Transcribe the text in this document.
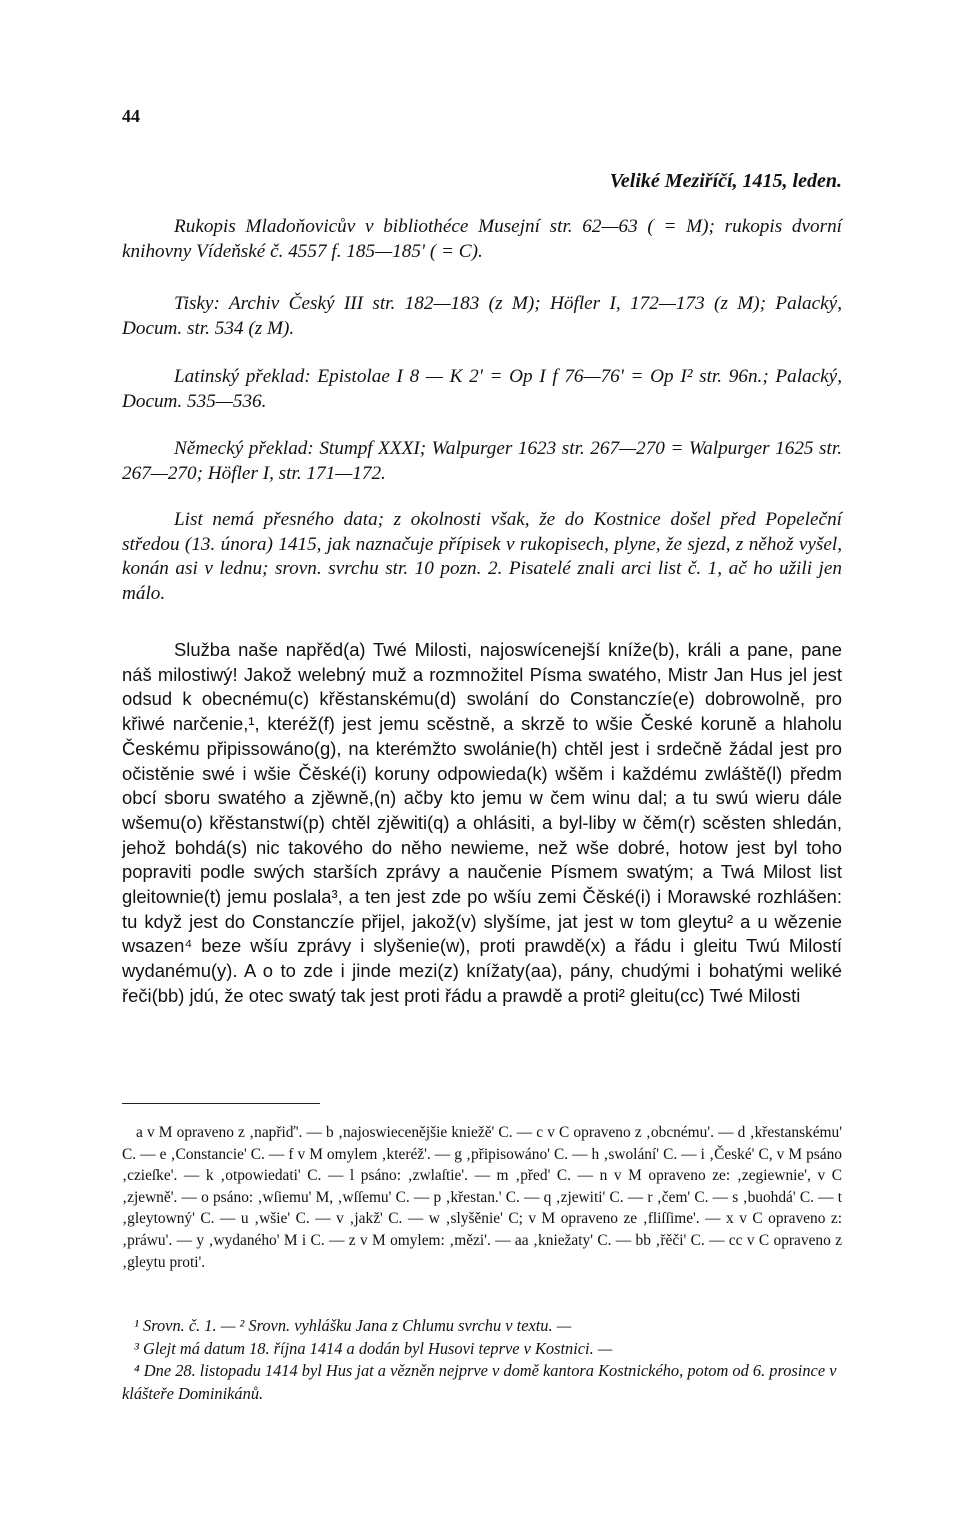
44
Veliké Meziříčí, 1415, leden.

Rukopis Mladoňovicův v bibliothéce Musejní str. 62—63 ( = M); rukopis dvorní knihovny Vídeňské č. 4557 f. 185—185' ( = C).

Tisky: Archiv Český III str. 182—183 (z M); Höfler I, 172—173 (z M); Palacký, Docum. str. 534 (z M).

Latinský překlad: Epistolae I 8 — K 2' = Op I f 76—76' = Op I² str. 96n.; Palacký, Docum. 535—536.

Německý překlad: Stumpf XXXI; Walpurger 1623 str. 267—270 = Walpurger 1625 str. 267—270; Höfler I, str. 171—172.

List nemá přesného data; z okolnosti však, že do Kostnice došel před Popeleční středou (13. února) 1415, jak naznačuje přípisek v rukopisech, plyne, že sjezd, z něhož vyšel, konán asi v lednu; srovn. svrchu str. 10 pozn. 2. Pisatelé znali arci list č. 1, ač ho užili jen málo.

Služba naše napřěd(a) Twé Milosti, najoswícenejší kníže(b), králi a pane, pane náš milostiwý! Jakož welebný muž a rozmnožitel Písma swatého, Mistr Jan Hus jel jest odsud k obecnému(c) křěstanskému(d) swolání do Constanczíe(e) dobrowolně, pro křiwé narčenie,¹, kteréž(f) jest jemu scěstně, a skrzě to wšie České koruně a hlaholu Českému připissowáno(g), na kterémžto swolánie(h) chtěl jest i srdečně žádal jest pro očistěnie swé i wšie Čěské(i) koruny odpowieda(k) wšěm i každému zwláště(l) předm obcí sboru swatého a zjěwně,(n) ačby kto jemu w čem winu dal; a tu swú wieru dále wšemu(o) křěstanstwí(p) chtěl zjěwiti(q) a ohlásiti, a byl-liby w čěm(r) scěsten shledán, jehož bohdá(s) nic takového do něho newieme, než wše dobré, hotow jest byl toho popraviti podle swých starších zprávy a naučenie Písmem swatým; a Twá Milost list gleitownie(t) jemu poslala³, a ten jest zde po wšíu zemi Čěské(i) i Morawské rozhlášen: tu když jest do Constanczíe přijel, jakož(v) slyšíme, jat jest w tom gleytu² a u wězenie wsazen⁴ beze wšíu zprávy i slyšenie(w), proti prawdě(x) a řádu i gleitu Twú Milostí wydanému(y). A o to zde i jinde mezi(z) knížaty(aa), pány, chudými i bohatými weliké řeči(bb) jdú, že otec swatý tak jest proti řádu a prawdě a proti² gleitu(cc) Twé Milosti

a v M opraveno z ‚napřiď'. — b ‚najoswiecenějšie kniežě' C. — c v C opraveno z ‚obcnému'. — d ‚křestanskému' C. — e ‚Constancie' C. — f v M omylem ‚kteréž'. — g ‚připisowáno' C. — h ‚swolání' C. — i ‚České' C, v M psáno ‚czieſke'. — k ‚otpowiedati' C. — l psáno: ‚zwlaſtie'. — m ‚před' C. — n v M opraveno ze: ‚zegiewnie', v C ‚zjewně'. — o psáno: ‚wſiemu' M, ‚wſſemu' C. — p ‚křestan.' C. — q ‚zjewiti' C. — r ‚čem' C. — s ‚buohdá' C. — t ‚gleytowný' C. — u ‚wšie' C. — v ‚jakž' C. — w ‚slyšěnie' C; v M opraveno ze ‚fliſſime'. — x v C opraveno z: ‚práwu'. — y ‚wydaného' M i C. — z v M omylem: ‚mězi'. — aa ‚kniežaty' C. — bb ‚řěči' C. — cc v C opraveno z ‚gleytu proti'.

¹ Srovn. č. 1. — ² Srovn. vyhlášku Jana z Chlumu svrchu v textu. —

³ Glejt má datum 18. října 1414 a dodán byl Husovi teprve v Kostnici. —

⁴ Dne 28. listopadu 1414 byl Hus jat a vězněn nejprve v domě kantora Kostnického, potom od 6. prosince v klášteře Dominikánů.
